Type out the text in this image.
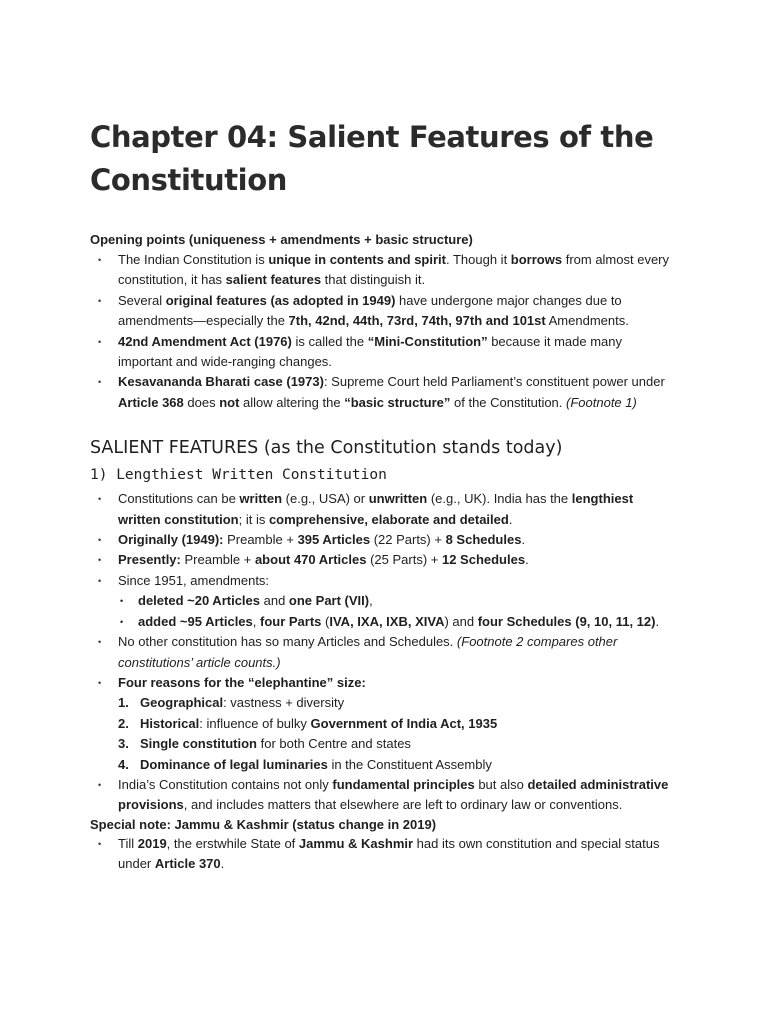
Chapter 04: Salient Features of the Constitution
Opening points (uniqueness + amendments + basic structure)
• The Indian Constitution is unique in contents and spirit. Though it borrows from almost every constitution, it has salient features that distinguish it.
• Several original features (as adopted in 1949) have undergone major changes due to amendments—especially the 7th, 42nd, 44th, 73rd, 74th, 97th and 101st Amendments.
• 42nd Amendment Act (1976) is called the “Mini-Constitution” because it made many important and wide-ranging changes.
• Kesavananda Bharati case (1973): Supreme Court held Parliament’s constituent power under Article 368 does not allow altering the “basic structure” of the Constitution. (Footnote 1)
SALIENT FEATURES (as the Constitution stands today)
1) Lengthiest Written Constitution
• Constitutions can be written (e.g., USA) or unwritten (e.g., UK). India has the lengthiest written constitution; it is comprehensive, elaborate and detailed.
• Originally (1949): Preamble + 395 Articles (22 Parts) + 8 Schedules.
• Presently: Preamble + about 470 Articles (25 Parts) + 12 Schedules.
• Since 1951, amendments:
• deleted ~20 Articles and one Part (VII),
• added ~95 Articles, four Parts (IVA, IXA, IXB, XIVA) and four Schedules (9, 10, 11, 12).
• No other constitution has so many Articles and Schedules. (Footnote 2 compares other constitutions’ article counts.)
• Four reasons for the “elephantine” size:
1. Geographical: vastness + diversity
2. Historical: influence of bulky Government of India Act, 1935
3. Single constitution for both Centre and states
4. Dominance of legal luminaries in the Constituent Assembly
• India’s Constitution contains not only fundamental principles but also detailed administrative provisions, and includes matters that elsewhere are left to ordinary law or conventions.
Special note: Jammu & Kashmir (status change in 2019)
• Till 2019, the erstwhile State of Jammu & Kashmir had its own constitution and special status under Article 370.
